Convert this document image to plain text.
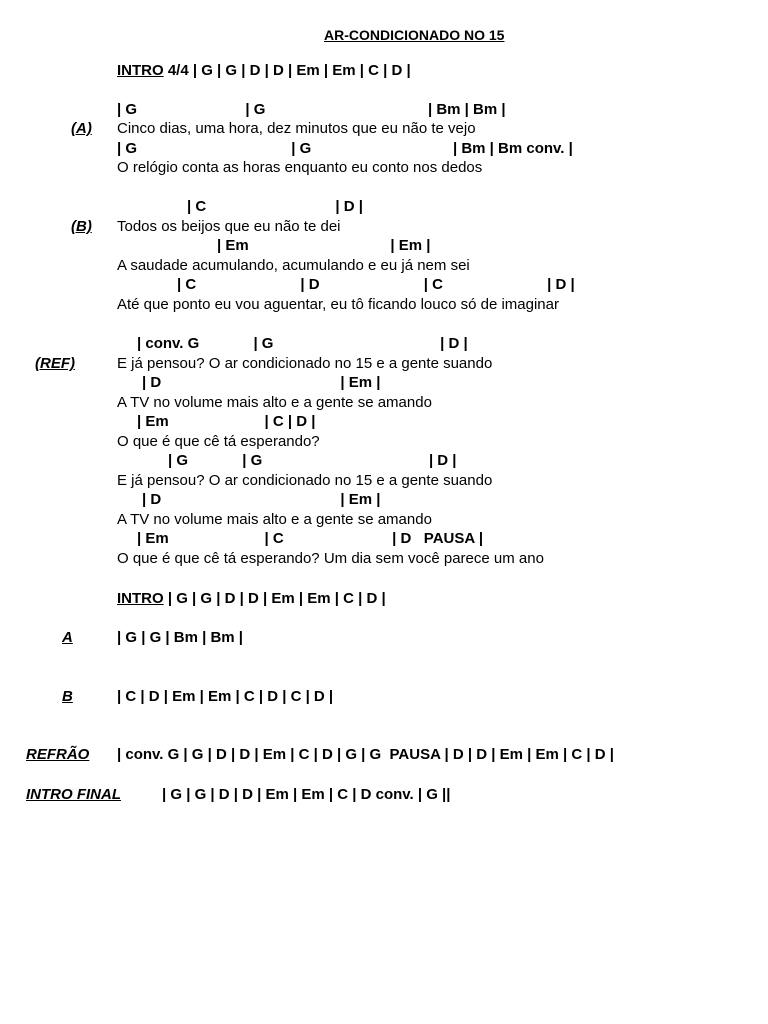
AR-CONDICIONADO NO 15
INTRO 4/4 | G | G | D | D | Em | Em | C | D |
| G                          | G                                       | Bm | Bm |
(A) Cinco dias, uma hora, dez minutos que eu não te vejo
| G                                     | G                                  | Bm | Bm conv. |
O relógio conta as horas enquanto eu conto nos dedos
| C                               | D |
(B) Todos os beijos que eu não te dei
| Em                                  | Em |
A saudade acumulando, acumulando e eu já nem sei
| C                         | D                         | C                         | D |
Até que ponto eu vou aguentar, eu tô ficando louco só de imaginar
| conv. G             | G                                        | D |
(REF)	E já pensou? O ar condicionado no 15 e a gente suando
| D                                           | Em |
A TV no volume mais alto e a gente se amando
| Em                       | C | D |
O que é que cê tá esperando?
| G             | G                                        | D |
E já pensou? O ar condicionado no 15 e a gente suando
| D                                           | Em |
A TV no volume mais alto e a gente se amando
| Em                       | C                          | D   PAUSA |
O que é que cê tá esperando? Um dia sem você parece um ano
INTRO | G | G | D | D | Em | Em | C | D |
A	| G | G | Bm | Bm |
B	| C | D | Em | Em | C | D | C | D |
REFRÃO | conv. G | G | D | D | Em | C | D | G | G  PAUSA | D | D | Em | Em | C | D |
INTRO FINAL	| G | G | D | D | Em | Em | C | D conv. | G ||
